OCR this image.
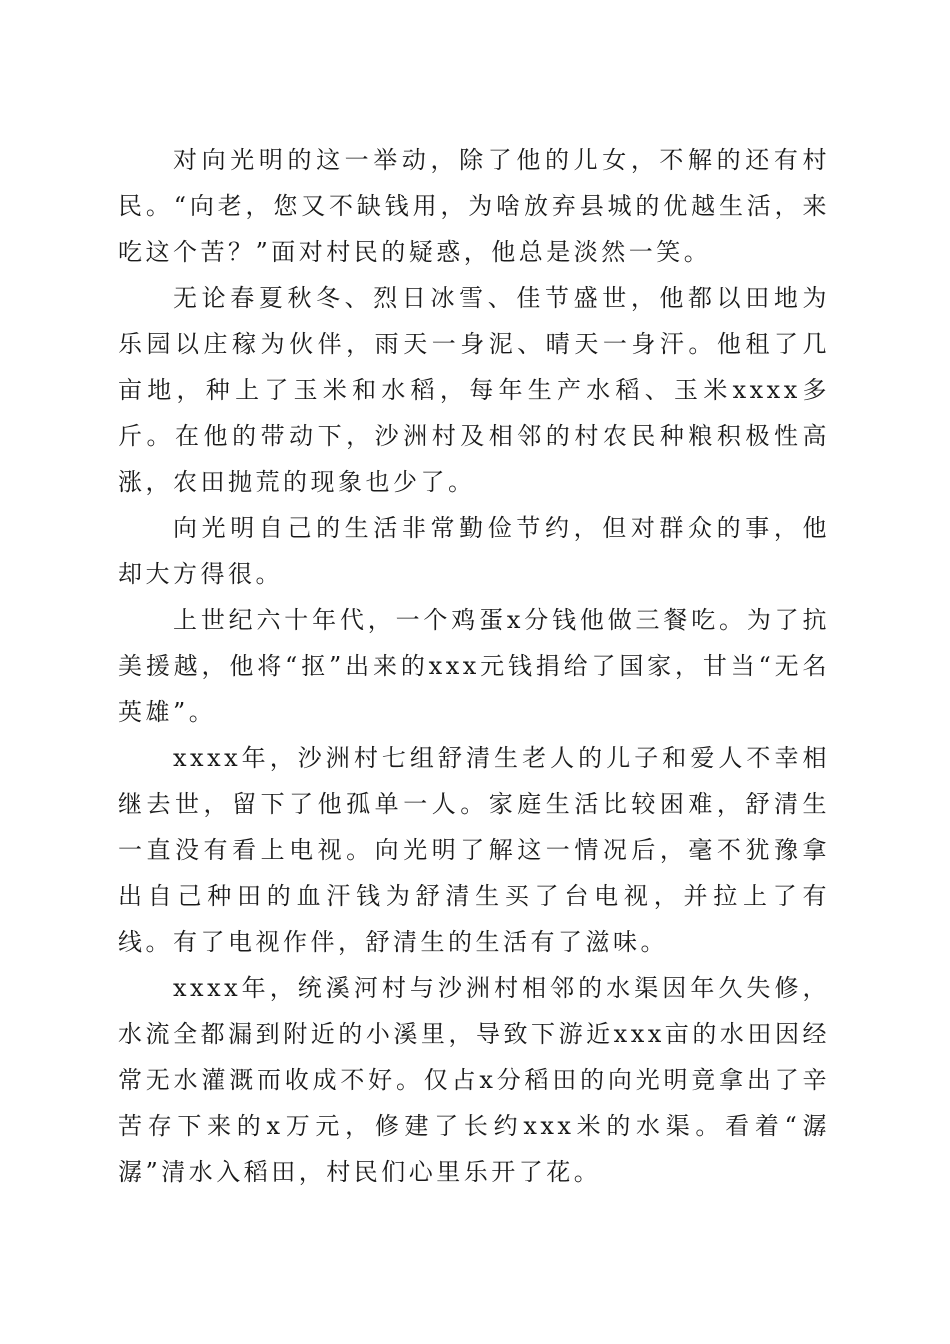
对向光明的这一举动，除了他的儿女，不解的还有村民。“向老，您又不缺钱用，为啥放弃县城的优越生活，来吃这个苦？”面对村民的疑惑，他总是淡然一笑。

无论春夏秋冬、烈日冰雪、佳节盛世，他都以田地为乐园以庄稼为伙伴，雨天一身泥、晴天一身汗。他租了几亩地，种上了玉米和水稻，每年生产水稻、玉米xxxx多斤。在他的带动下，沙洲村及相邻的村农民种粮积极性高涨，农田抛荒的现象也少了。

向光明自己的生活非常勤俭节约，但对群众的事，他却大方得很。

上世纪六十年代，一个鸡蛋x分钱他做三餐吃。为了抗美援越，他将“抠”出来的xxx元钱捐给了国家，甘当“无名英雄”。

xxxx年，沙洲村七组舒清生老人的儿子和爱人不幸相继去世，留下了他孤单一人。家庭生活比较困难，舒清生一直没有看上电视。向光明了解这一情况后，毫不犹豫拿出自己种田的血汗钱为舒清生买了台电视，并拉上了有线。有了电视作伴，舒清生的生活有了滋味。

xxxx年，统溪河村与沙洲村相邻的水渠因年久失修，水流全都漏到附近的小溪里，导致下游近xxx亩的水田因经常无水灌溉而收成不好。仅占x分稻田的向光明竟拿出了辛苦存下来的x万元，修建了长约xxx米的水渠。看着“潺潺”清水入稻田，村民们心里乐开了花。
